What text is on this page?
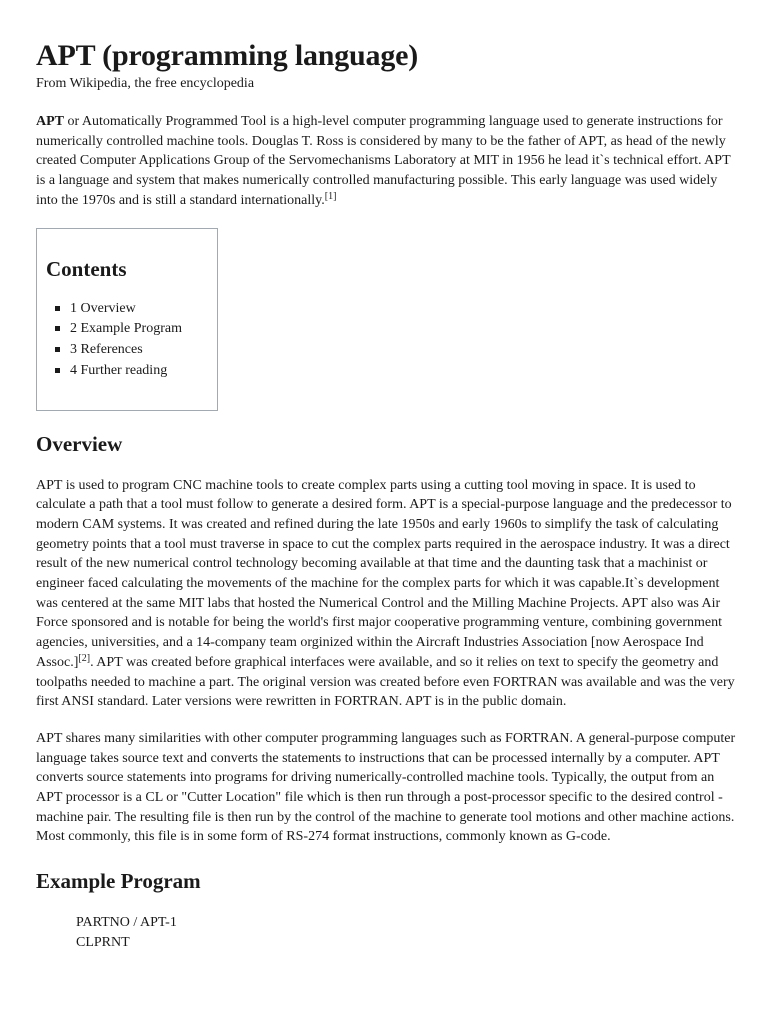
APT (programming language)
From Wikipedia, the free encyclopedia

APT or Automatically Programmed Tool is a high-level computer programming language used to generate instructions for numerically controlled machine tools. Douglas T. Ross is considered by many to be the father of APT, as head of the newly created Computer Applications Group of the Servomechanisms Laboratory at MIT in 1956 he lead it`s technical effort. APT is a language and system that makes numerically controlled manufacturing possible. This early language was used widely into the 1970s and is still a standard internationally.[1]

Contents
1 Overview
2 Example Program
3 References
4 Further reading
Overview

APT is used to program CNC machine tools to create complex parts using a cutting tool moving in space. It is used to calculate a path that a tool must follow to generate a desired form. APT is a special-purpose language and the predecessor to modern CAM systems. It was created and refined during the late 1950s and early 1960s to simplify the task of calculating geometry points that a tool must traverse in space to cut the complex parts required in the aerospace industry. It was a direct result of the new numerical control technology becoming available at that time and the daunting task that a machinist or engineer faced calculating the movements of the machine for the complex parts for which it was capable.It`s development was centered at the same MIT labs that hosted the Numerical Control and the Milling Machine Projects. APT also was Air Force sponsored and is notable for being the world's first major cooperative programming venture, combining government agencies, universities, and a 14-company team orginized within the Aircraft Industries Association [now Aerospace Ind Assoc.][2]. APT was created before graphical interfaces were available, and so it relies on text to specify the geometry and toolpaths needed to machine a part. The original version was created before even FORTRAN was available and was the very first ANSI standard. Later versions were rewritten in FORTRAN. APT is in the public domain.

APT shares many similarities with other computer programming languages such as FORTRAN. A general-purpose computer language takes source text and converts the statements to instructions that can be processed internally by a computer. APT converts source statements into programs for driving numerically-controlled machine tools. Typically, the output from an APT processor is a CL or "Cutter Location" file which is then run through a post-processor specific to the desired control - machine pair. The resulting file is then run by the control of the machine to generate tool motions and other machine actions. Most commonly, this file is in some form of RS-274 format instructions, commonly known as G-code.

Example Program
PARTNO / APT-1
CLPRNT
